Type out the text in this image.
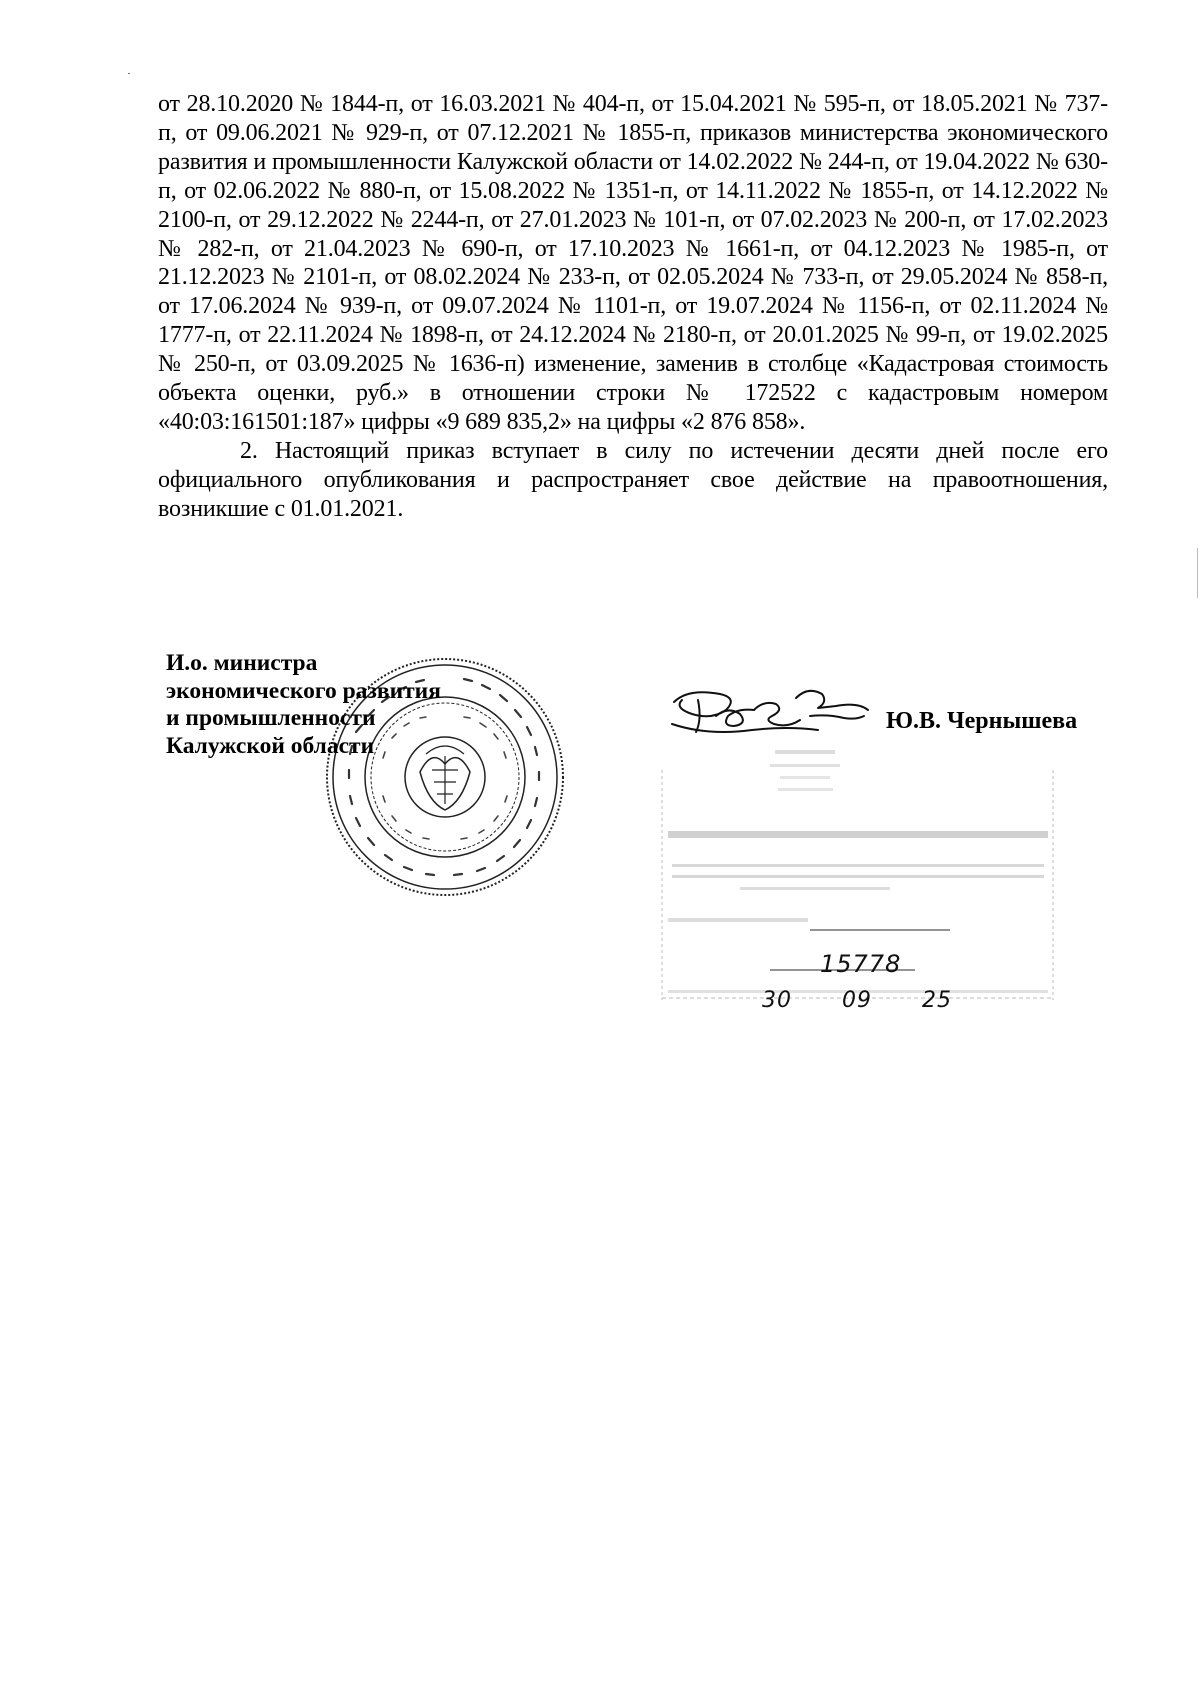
от 28.10.2020 № 1844-п, от 16.03.2021 № 404-п, от 15.04.2021 № 595-п, от 18.05.2021 № 737-п, от 09.06.2021 № 929-п, от 07.12.2021 № 1855-п, приказов министерства экономического развития и промышленности Калужской области от 14.02.2022 № 244-п, от 19.04.2022 № 630-п, от 02.06.2022 № 880-п, от 15.08.2022 № 1351-п, от 14.11.2022 № 1855-п, от 14.12.2022 № 2100-п, от 29.12.2022 № 2244-п, от 27.01.2023 № 101-п, от 07.02.2023 № 200-п, от 17.02.2023 № 282-п, от 21.04.2023 № 690-п, от 17.10.2023 № 1661-п, от 04.12.2023 № 1985-п, от 21.12.2023 № 2101-п, от 08.02.2024 № 233-п, от 02.05.2024 № 733-п, от 29.05.2024 № 858-п, от 17.06.2024 № 939-п, от 09.07.2024 № 1101-п, от 19.07.2024 № 1156-п, от 02.11.2024 № 1777-п, от 22.11.2024 № 1898-п, от 24.12.2024 № 2180-п, от 20.01.2025 № 99-п, от 19.02.2025 № 250-п, от 03.09.2025 № 1636-п) изменение, заменив в столбце «Кадастровая стоимость объекта оценки, руб.» в отношении строки № 172522 с кадастровым номером «40:03:161501:187» цифры «9 689 835,2» на цифры «2 876 858».

2. Настоящий приказ вступает в силу по истечении десяти дней после его официального опубликования и распространяет свое действие на правоотношения, возникшие с 01.01.2021.

И.о. министра
экономического развития
и промышленности
Калужской области
Ю.В. Чернышева
15778
30 09 25
